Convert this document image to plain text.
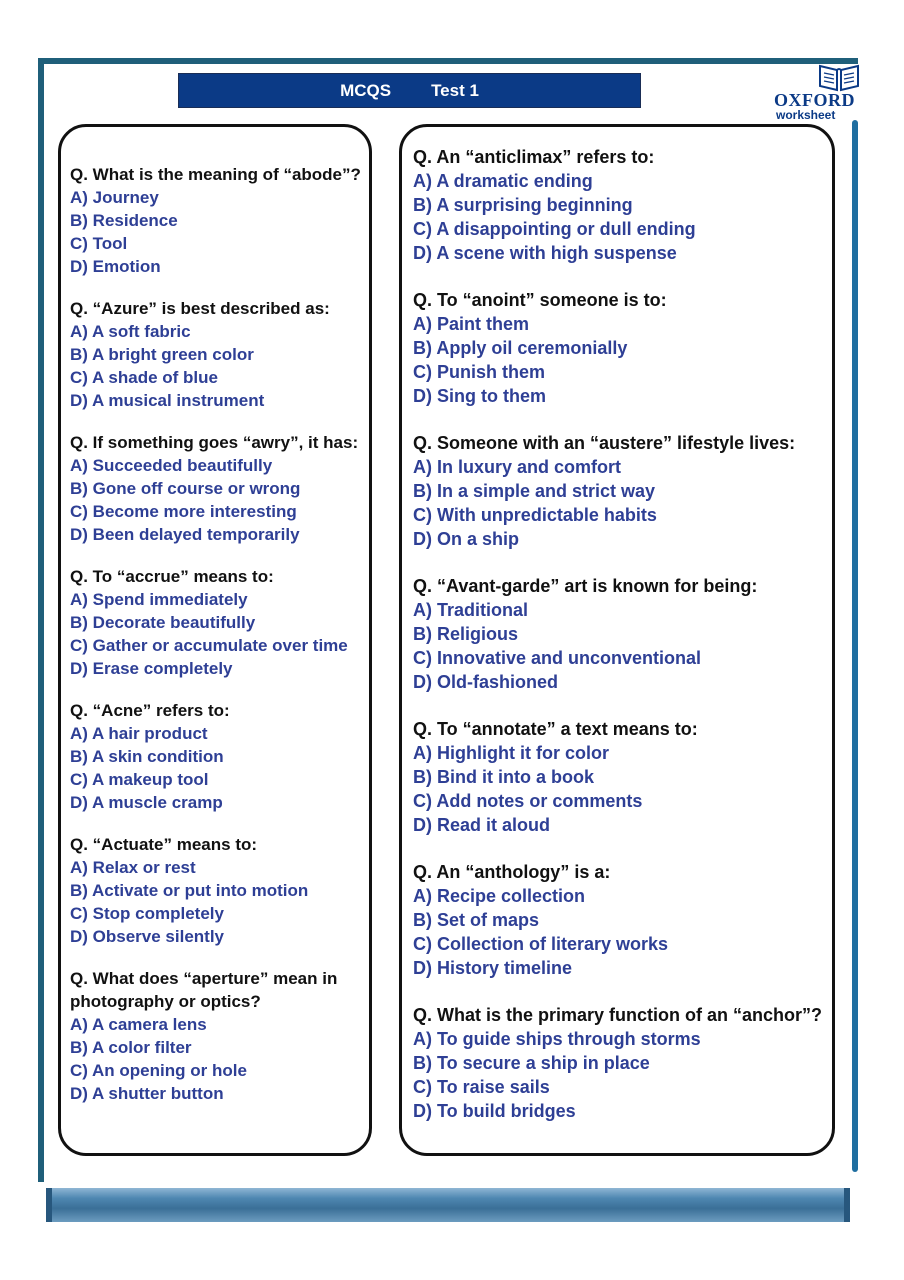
MCQS Test 1	OXFORD
worksheet
Q. What is the meaning of “abode”?
A) Journey
B) Residence
C) Tool
D) Emotion
Q. “Azure” is best described as:
A) A soft fabric
B) A bright green color
C) A shade of blue
D) A musical instrument
Q. If something goes “awry”, it has:
A) Succeeded beautifully
B) Gone off course or wrong
C) Become more interesting
D) Been delayed temporarily
Q. To “accrue” means to:
A) Spend immediately
B) Decorate beautifully
C) Gather or accumulate over time
D) Erase completely
Q. “Acne” refers to:
A) A hair product
B) A skin condition
C) A makeup tool
D) A muscle cramp
Q. “Actuate” means to:
A) Relax or rest
B) Activate or put into motion
C) Stop completely
D) Observe silently
Q. What does “aperture” mean in photography or optics?
A) A camera lens
B) A color filter
C) An opening or hole
D) A shutter button
Q. An “anticlimax” refers to:
A) A dramatic ending
B) A surprising beginning
C) A disappointing or dull ending
D) A scene with high suspense
Q. To “anoint” someone is to:
A) Paint them
B) Apply oil ceremonially
C) Punish them
D) Sing to them
Q. Someone with an “austere” lifestyle lives:
A) In luxury and comfort
B) In a simple and strict way
C) With unpredictable habits
D) On a ship
Q. “Avant-garde” art is known for being:
A) Traditional
B) Religious
C) Innovative and unconventional
D) Old-fashioned
Q. To “annotate” a text means to:
A) Highlight it for color
B) Bind it into a book
C) Add notes or comments
D) Read it aloud
Q. An “anthology” is a:
A) Recipe collection
B) Set of maps
C) Collection of literary works
D) History timeline
Q. What is the primary function of an “anchor”?
A) To guide ships through storms
B) To secure a ship in place
C) To raise sails
D) To build bridges
